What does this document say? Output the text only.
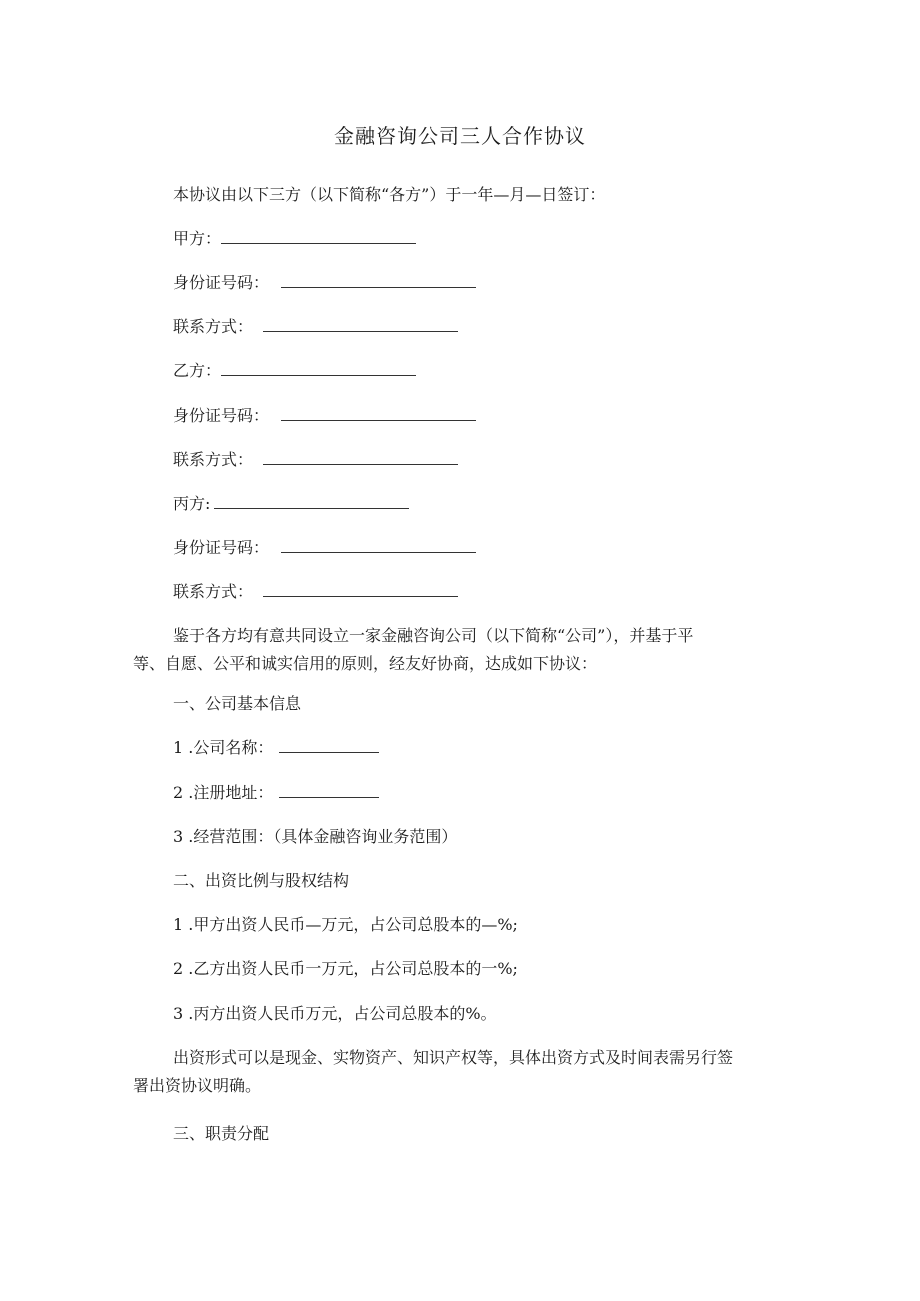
金融咨询公司三人合作协议
本协议由以下三方（以下简称“各方”）于一年—月—日签订：
甲方：
身份证号码：
联系方式：
乙方：
身份证号码：
联系方式：
丙方:
身份证号码：
联系方式：
鉴于各方均有意共同设立一家金融咨询公司（以下简称“公司”），并基于平
等、自愿、公平和诚实信用的原则，经友好协商，达成如下协议：
一、公司基本信息
1 .公司名称：
2 .注册地址：
3 .经营范围：（具体金融咨询业务范围）
二、出资比例与股权结构
1 .甲方出资人民币—万元，占公司总股本的—%;
2 .乙方出资人民币一万元，占公司总股本的一%;
3 .丙方出资人民币万元，占公司总股本的%。
出资形式可以是现金、实物资产、知识产权等，具体出资方式及时间表需另行签
署出资协议明确。
三、职责分配
